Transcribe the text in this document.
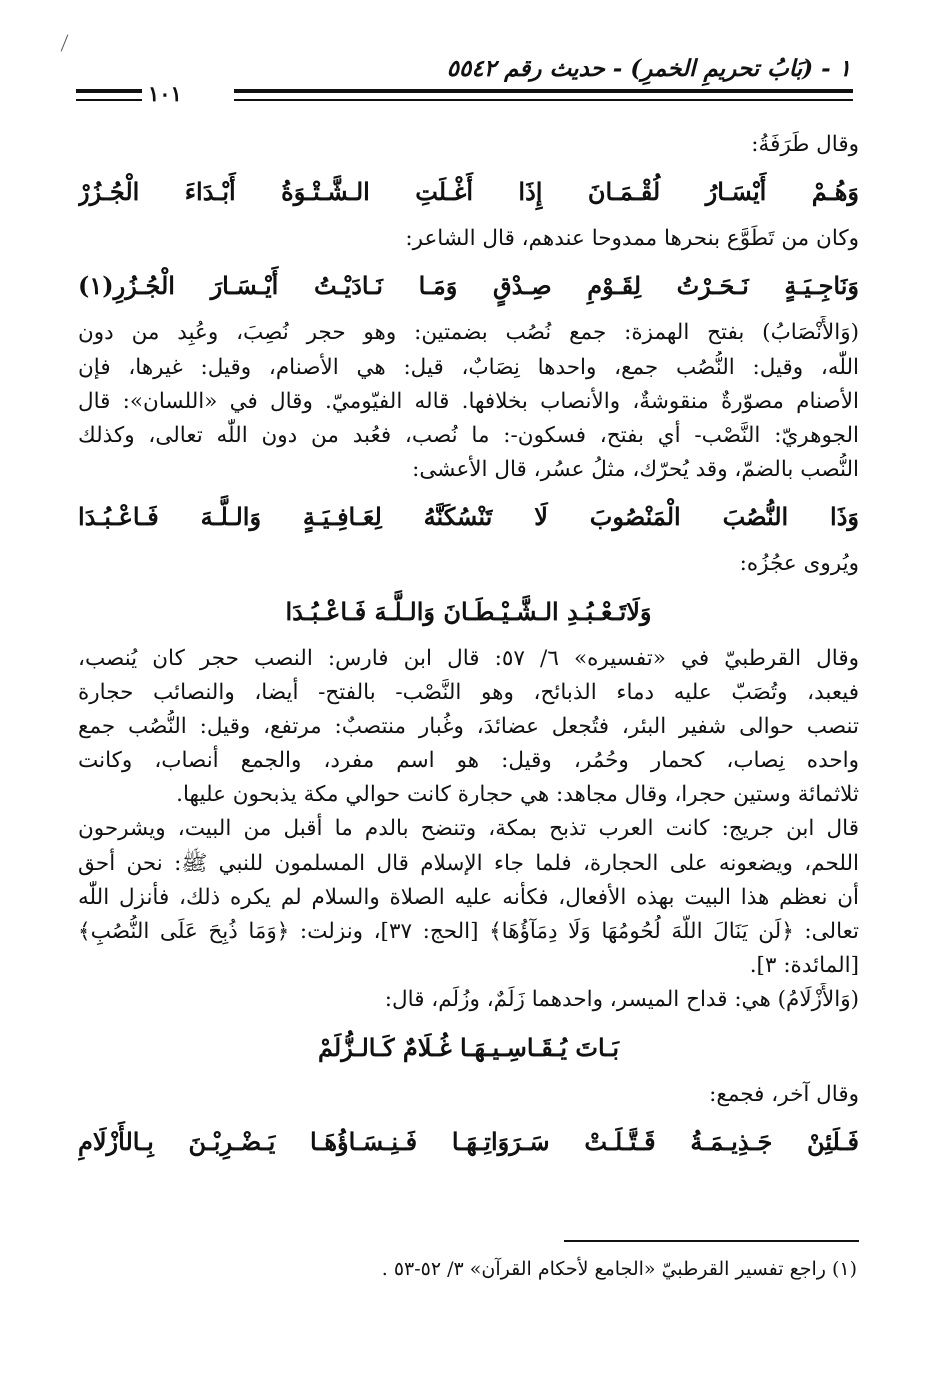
١ - (بَابُ تحريمِ الخمرِ) - حديث رقم ٥٥٤٢
١٠١
وقال طَرَفَةُ:
وَهُـمْ أَيْسَـارُ لُقْـمَـانَ إِذَا أَغْـلَتِ الـشَّـتْـوَةُ أَبْـدَاءَ الْجُـزُرْ
وكان من تَطَوَّع بنحرها ممدوحا عندهم، قال الشاعر:
وَنَاجِـيَـةٍ نَـحَـرْتُ لِقَـوْمِ صِـدْقٍ وَمَـا نَـادَيْـتُ أَيْـسَـارَ الْجُـزُرِ(١)
(وَالأَنْصَابُ) بفتح الهمزة: جمع نُصُب بضمتين: وهو حجر نُصِبَ، وعُبِد من دون
اللّٰه، وقيل: النُّصُب جمع، واحدها نِصَابٌ، قيل: هي الأصنام، وقيل: غيرها، فإن
الأصنام مصوّرةٌ منقوشةٌ، والأنصاب بخلافها. قاله الفيّوميّ. وقال في «اللسان»: قال
الجوهريّ: النَّصْب- أي بفتح، فسكون-: ما نُصب، فعُبد من دون اللّٰه تعالى، وكذلك
النُّصب بالضمّ، وقد يُحرّك، مثلُ عسُر، قال الأعشى:
وَذَا النُّصُبَ الْمَنْصُوبَ لَا تَنْسُكَنَّهُ لِعَـافِـيَـةٍ وَالـلَّـهَ فَـاعْـبُـدَا
ويُروى عجُزُه:
وَلَاتَـعْـبُـدِ الـشَّـيْـطَـانَ وَالـلَّـهَ فَـاعْـبُـدَا
وقال القرطبيّ في «تفسيره» ٦/ ٥٧: قال ابن فارس: النصب حجر كان يُنصب،
فيعبد، وتُصَبّ عليه دماء الذبائح، وهو النَّصْب- بالفتح- أيضا، والنصائب حجارة
تنصب حوالى شفير البئر، فتُجعل عضائدَ، وغُبار منتصبٌ: مرتفع، وقيل: النُّصُب جمع
واحده نِصاب، كحمار وحُمُر، وقيل: هو اسم مفرد، والجمع أنصاب، وكانت
ثلاثمائة وستين حجرا، وقال مجاهد: هي حجارة كانت حوالي مكة يذبحون عليها.
قال ابن جريج: كانت العرب تذبح بمكة، وتنضح بالدم ما أقبل من البيت، ويشرحون
اللحم، ويضعونه على الحجارة، فلما جاء الإسلام قال المسلمون للنبي ﷺ: نحن أحق
أن نعظم هذا البيت بهذه الأفعال، فكأنه عليه الصلاة والسلام لم يكره ذلك، فأنزل اللّٰه
تعالى: ﴿لَن يَنَالَ اللَّهَ لُحُومُهَا وَلَا دِمَآؤُهَا﴾ [الحج: ٣٧]، ونزلت: ﴿وَمَا ذُبِحَ عَلَى النُّصُبِ﴾
[المائدة: ٣].
(وَالأَزْلَامُ) هي: قداح الميسر، واحدهما زَلَمٌ، وزُلَم، قال:
بَـاتَ يُـقَـاسِـيـهَـا غُـلَامٌ كَـالـزُّلَمْ
وقال آخر، فجمع:
فَـلَئِنْ جَـذِيـمَـةُ قَـتَّـلَـتْ سَـرَوَاتِـهَـا فَـنِـسَـاؤُهَـا يَـضْـرِبْـنَ بِـالأَزْلَامِ
(١) راجع تفسير القرطبيّ «الجامع لأحكام القرآن» ٣/ ٥٢-٥٣ .
